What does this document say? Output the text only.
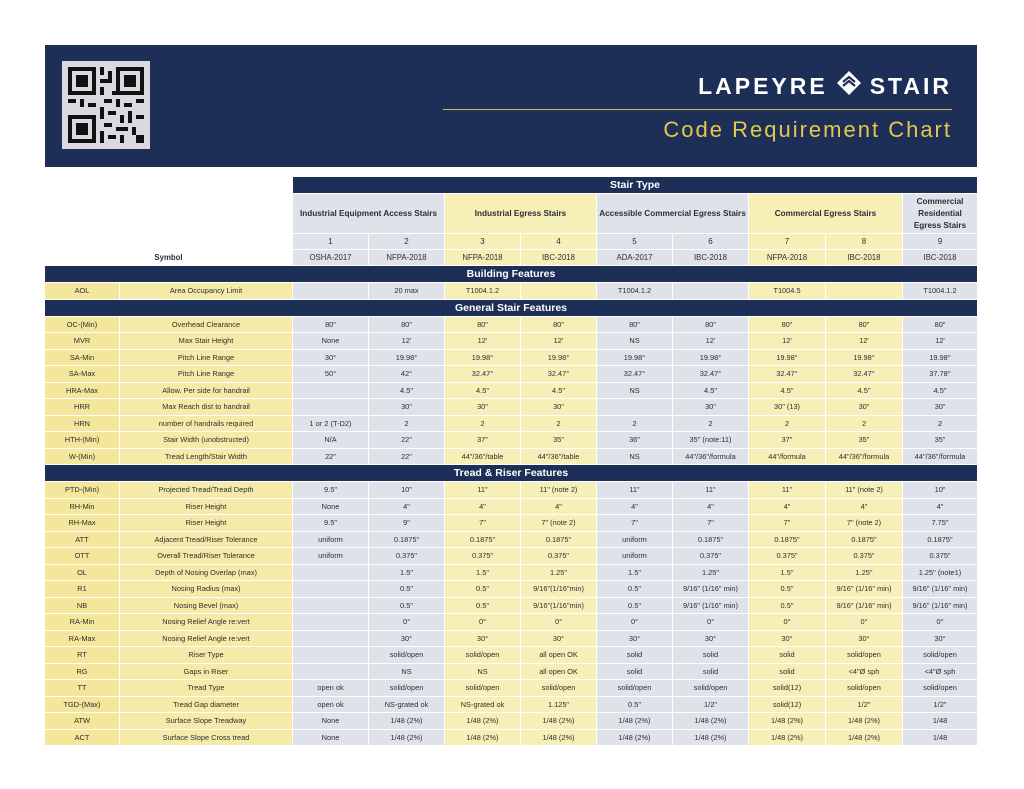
LAPEYRE STAIR
Code Requirement Chart
		Stair Type								
		Industrial Equipment Access Stairs		Industrial Egress Stairs		Accessible Commercial Egress Stairs		Commercial Egress Stairs		Commercial Residential Egress Stairs
		1	2	3	4	5	6	7	8	9
Symbol		OSHA-2017	NFPA-2018	NFPA-2018	IBC-2018	ADA-2017	IBC-2018	NFPA-2018	IBC-2018	IBC-2018
Building Features										
AOL	Area Occupancy Limit		20 max	T1004.1.2		T1004.1.2		T1004.5		T1004.1.2
General Stair Features										
OC-(Min)	Overhead Clearance	80"	80"	80"	80"	80"	80"	80"	80"	80"
MVR	Max Stair Height	None	12'	12'	12'	NS	12'	12'	12'	12'
SA-Min	Pitch Line Range	30°	19.98°	19.98°	19.98°	19.98°	19.98°	19.98°	19.98°	19.98°
SA-Max	Pitch Line Range	50°	42°	32.47°	32.47°	32.47°	32.47°	32.47°	32.47°	37.78°
HRA-Max	Allow. Per side for handrail		4.5"	4.5"	4.5"	NS	4.5"	4.5"	4.5"	4.5"
HRR	Max Reach dist to handrail		30"	30"	30"		30"	30" (13)	30"	30"
HRN	number of handrails required	1 or 2 (T-D2)	2	2	2	2	2	2	2	2
HTH-(Min)	Stair Width (unobstructed)	N/A	22"	37"	35"	36"	35" (note:11)	37"	35"	35"
W-(Min)	Tread Length/Stair Width	22"	22"	44"/36"/table	44"/36"/table	NS	44"/36"/formula	44"/formula	44"/36"/formula	44"/36"/formula
Tread & Riser Features										
PTD-(Min)	Projected Tread/Tread Depth	9.5"	10"	11"	11" (note 2)	11"	11"	11"	11" (note 2)	10"
RH-Min	Riser Height	None	4"	4"	4"	4"	4"	4"	4"	4"
RH-Max	Riser Height	9.5"	9"	7"	7" (note 2)	7"	7"	7"	7" (note 2)	7.75"
ATT	Adjacent Tread/Riser Tolerance	uniform	0.1875"	0.1875"	0.1875"	uniform	0.1875"	0.1875"	0.1875"	0.1875"
OTT	Overall Tread/Riser Tolerance	uniform	0.375"	0.375"	0.375"	uniform	0.375"	0.375"	0.375"	0.375"
OL	Depth of Nosing Overlap (max)		1.5"	1.5"	1.25"	1.5"	1.25"	1.5"	1.25"	1.25" (note1)
R1	Nosing Radius (max)		0.5"	0.5"	9/16"(1/16"min)	0.5"	9/16" (1/16" min)	0.5"	9/16" (1/16" min)	9/16" (1/16" min)
NB	Nosing Bevel (max)		0.5"	0.5"	9/16"(1/16"min)	0.5"	9/16" (1/16" min)	0.5"	9/16" (1/16" min)	9/16" (1/16" min)
RA-Min	Nosing Relief Angle re:vert		0°	0°	0°	0°	0°	0°	0°	0°
RA-Max	Nosing Relief Angle re:vert		30°	30°	30°	30°	30°	30°	30°	30°
RT	Riser Type		solid/open	solid/open	all open OK	solid	solid	solid	solid/open	solid/open
RG	Gaps in Riser		NS	NS	all open OK	solid	solid	solid	<4"Ø sph	<4"Ø sph
TT	Tread Type	open ok	solid/open	solid/open	solid/open	solid/open	solid/open	solid(12)	solid/open	solid/open
TGD-(Max)	Tread Gap diameter	open ok	NS-grated ok	NS-grated ok	1.125"	0.5"	1/2"	solid(12)	1/2"	1/2"
ATW	Surface Slope Treadway	None	1/48 (2%)	1/48 (2%)	1/48 (2%)	1/48 (2%)	1/48 (2%)	1/48 (2%)	1/48 (2%)	1/48
ACT	Surface Slope Cross tread	None	1/48 (2%)	1/48 (2%)	1/48 (2%)	1/48 (2%)	1/48 (2%)	1/48 (2%)	1/48 (2%)	1/48
